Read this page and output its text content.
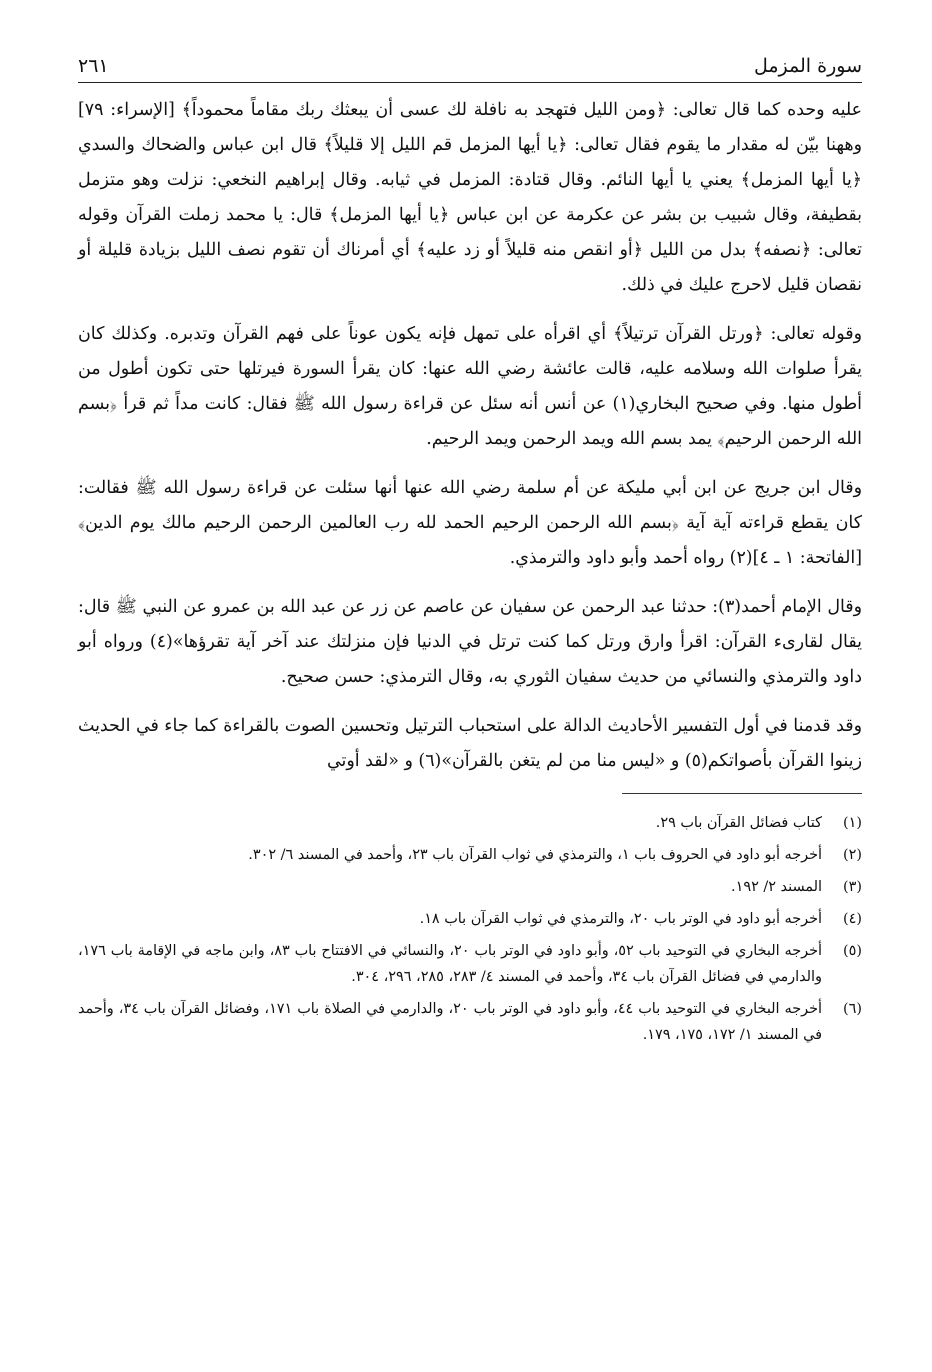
سورة المزمل
٢٦١

عليه وحده كما قال تعالى: ﴿ومن الليل فتهجد به نافلة لك عسى أن يبعثك ربك مقاماً محموداً﴾ [الإسراء: ٧٩] وههنا بيّن له مقدار ما يقوم فقال تعالى: ﴿يا أيها المزمل قم الليل إلا قليلاً﴾ قال ابن عباس والضحاك والسدي ﴿يا أيها المزمل﴾ يعني يا أيها النائم. وقال قتادة: المزمل في ثيابه. وقال إبراهيم النخعي: نزلت وهو متزمل بقطيفة، وقال شبيب بن بشر عن عكرمة عن ابن عباس ﴿يا أيها المزمل﴾ قال: يا محمد زملت القرآن وقوله تعالى: ﴿نصفه﴾ بدل من الليل ﴿أو انقص منه قليلاً أو زد عليه﴾ أي أمرناك أن تقوم نصف الليل بزيادة قليلة أو نقصان قليل لاحرج عليك في ذلك.

وقوله تعالى: ﴿ورتل القرآن ترتيلاً﴾ أي اقرأه على تمهل فإنه يكون عوناً على فهم القرآن وتدبره. وكذلك كان يقرأ صلوات الله وسلامه عليه، قالت عائشة رضي الله عنها: كان يقرأ السورة فيرتلها حتى تكون أطول من أطول منها. وفي صحيح البخاري(١) عن أنس أنه سئل عن قراءة رسول الله ﷺ فقال: كانت مداً ثم قرأ ﴿بسم الله الرحمن الرحيم﴾ يمد بسم الله ويمد الرحمن ويمد الرحيم.

وقال ابن جريج عن ابن أبي مليكة عن أم سلمة رضي الله عنها أنها سئلت عن قراءة رسول الله ﷺ فقالت: كان يقطع قراءته آية آية ﴿بسم الله الرحمن الرحيم الحمد لله رب العالمين الرحمن الرحيم مالك يوم الدين﴾ [الفاتحة: ١ ـ ٤](٢) رواه أحمد وأبو داود والترمذي.

وقال الإمام أحمد(٣): حدثنا عبد الرحمن عن سفيان عن عاصم عن زر عن عبد الله بن عمرو عن النبي ﷺ قال: يقال لقارىء القرآن: اقرأ وارق ورتل كما كنت ترتل في الدنيا فإن منزلتك عند آخر آية تقرؤها»(٤) ورواه أبو داود والترمذي والنسائي من حديث سفيان الثوري به، وقال الترمذي: حسن صحيح.

وقد قدمنا في أول التفسير الأحاديث الدالة على استحباب الترتيل وتحسين الصوت بالقراءة كما جاء في الحديث زينوا القرآن بأصواتكم(٥) و «ليس منا من لم يتغن بالقرآن»(٦) و «لقد أوتي

(١)
كتاب فضائل القرآن باب ٢٩.
(٢)
أخرجه أبو داود في الحروف باب ١، والترمذي في ثواب القرآن باب ٢٣، وأحمد في المسند ٦/ ٣٠٢.
(٣)
المسند ٢/ ١٩٢.
(٤)
أخرجه أبو داود في الوتر باب ٢٠، والترمذي في ثواب القرآن باب ١٨.
(٥)
أخرجه البخاري في التوحيد باب ٥٢، وأبو داود في الوتر باب ٢٠، والنسائي في الافتتاح باب ٨٣، وابن ماجه في الإقامة باب ١٧٦، والدارمي في فضائل القرآن باب ٣٤، وأحمد في المسند ٤/ ٢٨٣، ٢٨٥، ٢٩٦، ٣٠٤.
(٦)
أخرجه البخاري في التوحيد باب ٤٤، وأبو داود في الوتر باب ٢٠، والدارمي في الصلاة باب ١٧١، وفضائل القرآن باب ٣٤، وأحمد في المسند ١/ ١٧٢، ١٧٥، ١٧٩.
